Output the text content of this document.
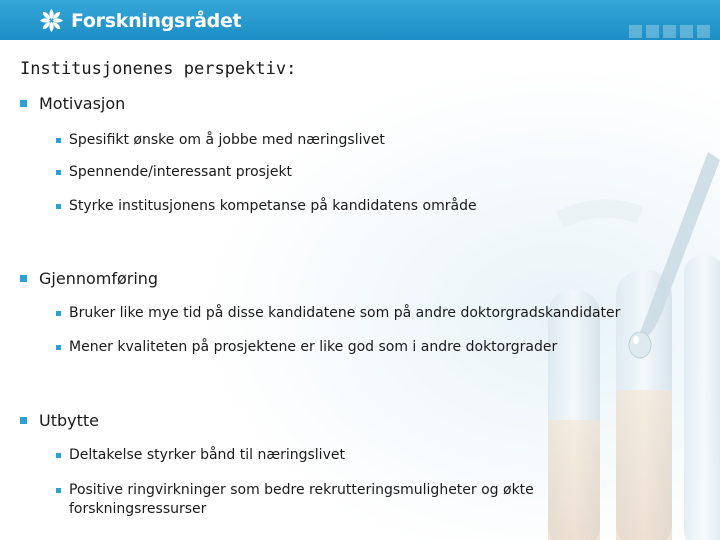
Forskningsrådet
Institusjonenes perspektiv:
Motivasjon
Spesifikt ønske om å jobbe med næringslivet
Spennende/interessant prosjekt
Styrke institusjonens kompetanse på kandidatens område
Gjennomføring
Bruker like mye tid på disse kandidatene som på andre doktorgradskandidater
Mener kvaliteten på prosjektene er like god som i andre doktorgrader
Utbytte
Deltakelse styrker bånd til næringslivet
Positive ringvirkninger som bedre rekrutteringsmuligheter og økte forskningsressurser
